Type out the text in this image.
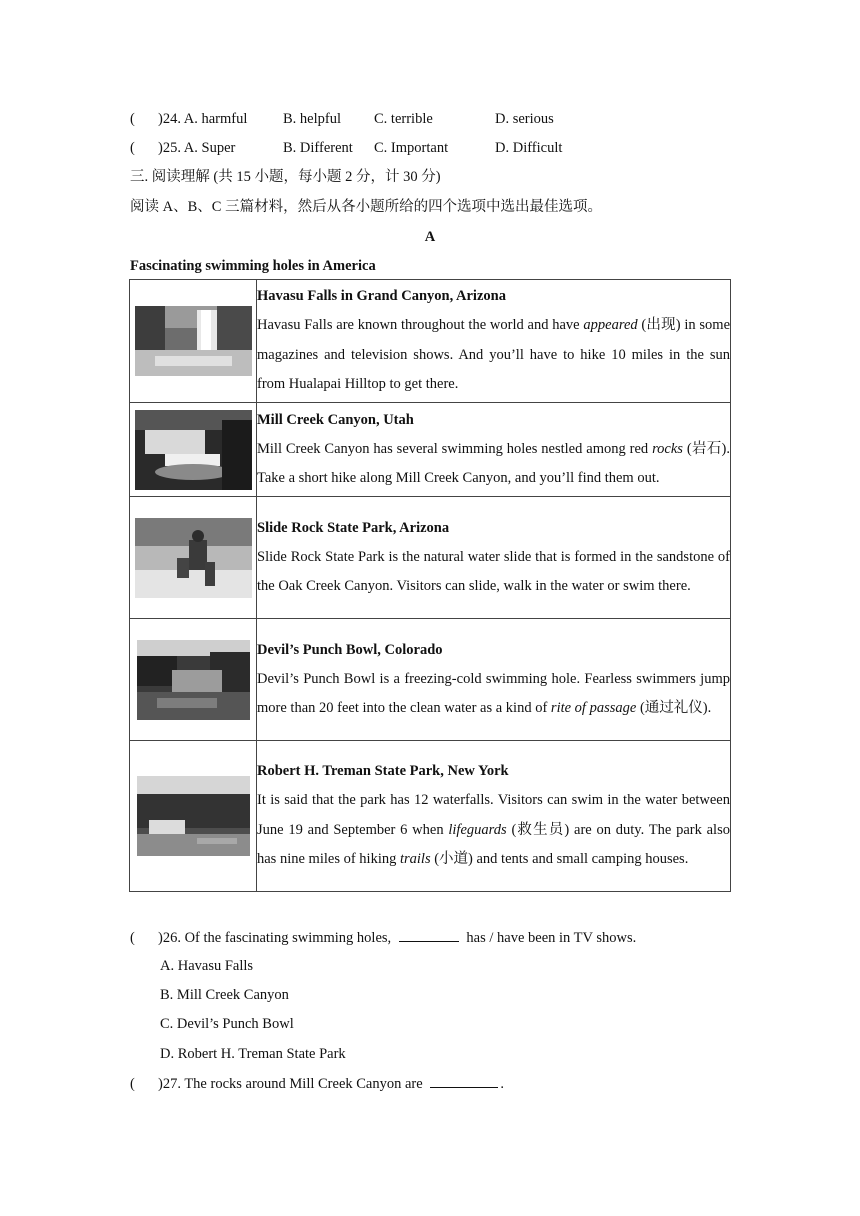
( )24. A. harmful B. helpful C. terrible	D. serious
( )25. A. Super	B. Different C. Important	D. Difficult
三. 阅读理解 (共 15 小题，每小题 2 分，计 30 分)
阅读 A、B、C 三篇材料，然后从各小题所给的四个选项中选出最佳选项。
A
Fascinating swimming holes in America

Havasu Falls in Grand Canyon, Arizona
Havasu Falls are known throughout the world and have appeared (出现) in some magazines and television shows. And you’ll have to hike 10 miles in the sun from Hualapai Hilltop to get there.

Mill Creek Canyon, Utah
Mill Creek Canyon has several swimming holes nestled among red rocks (岩石). Take a short hike along Mill Creek Canyon, and you’ll find them out.

Slide Rock State Park, Arizona
Slide Rock State Park is the natural water slide that is formed in the sandstone of the Oak Creek Canyon. Visitors can slide, walk in the water or swim there.

Devil’s Punch Bowl, Colorado
Devil’s Punch Bowl is a freezing-cold swimming hole. Fearless swimmers jump more than 20 feet into the clean water as a kind of rite of passage (通过礼仪).

Robert H. Treman State Park, New York
It is said that the park has 12 waterfalls. Visitors can swim in the water between June 19 and September 6 when lifeguards (救生员) are on duty. The park also has nine miles of hiking trails (小道) and tents and small camping houses.
( )26. Of the fascinating swimming holes,	has / have been in TV shows.
A. Havasu Falls
B. Mill Creek Canyon
C. Devil’s Punch Bowl
D. Robert H. Treman State Park
( )27. The rocks around Mill Creek Canyon are	.
